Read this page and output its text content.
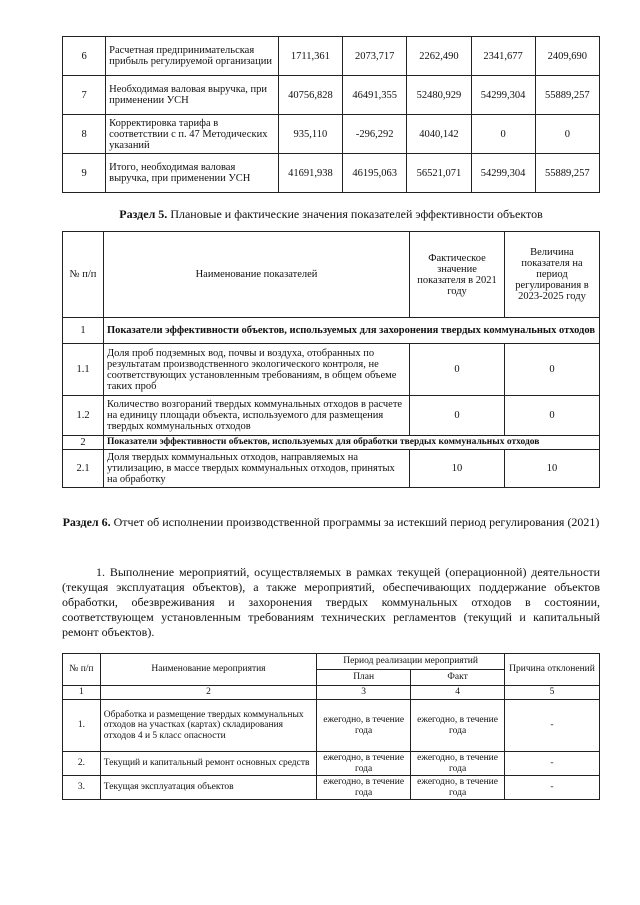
6	Расчетная предпринимательская прибыль регулируемой организации	1711,361	2073,717	2262,490	2341,677	2409,690
7	Необходимая валовая выручка, при применении УСН	40756,828	46491,355	52480,929	54299,304	55889,257
8	Корректировка тарифа в соответствии с п. 47 Методических указаний	935,110	-296,292	4040,142	0	0
9	Итого, необходимая валовая выручка, при применении УСН	41691,938	46195,063	56521,071	54299,304	55889,257
Раздел 5. Плановые и фактические значения показателей эффективности объектов
№ п/п	Наименование показателей	Фактическое значение показателя в 2021 году	Величина показателя на период регулирования в 2023-2025 году
1	Показатели эффективности объектов, используемых для захоронения твердых коммунальных отходов		
1.1	Доля проб подземных вод, почвы и воздуха, отобранных по результатам производственного экологического контроля, не соответствующих установленным требованиям, в общем объеме таких проб	0	0
1.2	Количество возгораний твердых коммунальных отходов в расчете на единицу площади объекта, используемого для размещения твердых коммунальных отходов	0	0
2	Показатели эффективности объектов, используемых для обработки твердых коммунальных отходов		
2.1	Доля твердых коммунальных отходов, направляемых на утилизацию, в массе твердых коммунальных отходов, принятых на обработку	10	10
Раздел 6. Отчет об исполнении производственной программы за истекший период регулирования (2021)

1. Выполнение мероприятий, осуществляемых в рамках текущей (операционной) деятельности (текущая эксплуатация объектов), а также мероприятий, обеспечивающих поддержание объектов обработки, обезвреживания и захоронения твердых коммунальных отходов в состоянии, соответствующем установленным требованиям технических регламентов (текущий и капитальный ремонт объектов).

№ п/п	Наименование мероприятия	Период реализации мероприятий		Причина отклонений
		План	Факт	
1	2	3	4	5
1.	Обработка и размещение твердых коммунальных отходов на участках (картах) складирования отходов 4 и 5 класс опасности	ежегодно, в течение года	ежегодно, в течение года	-
2.	Текущий и капитальный ремонт основных средств	ежегодно, в течение года	ежегодно, в течение года	-
3.	Текущая эксплуатация объектов	ежегодно, в течение года	ежегодно, в течение года	-
